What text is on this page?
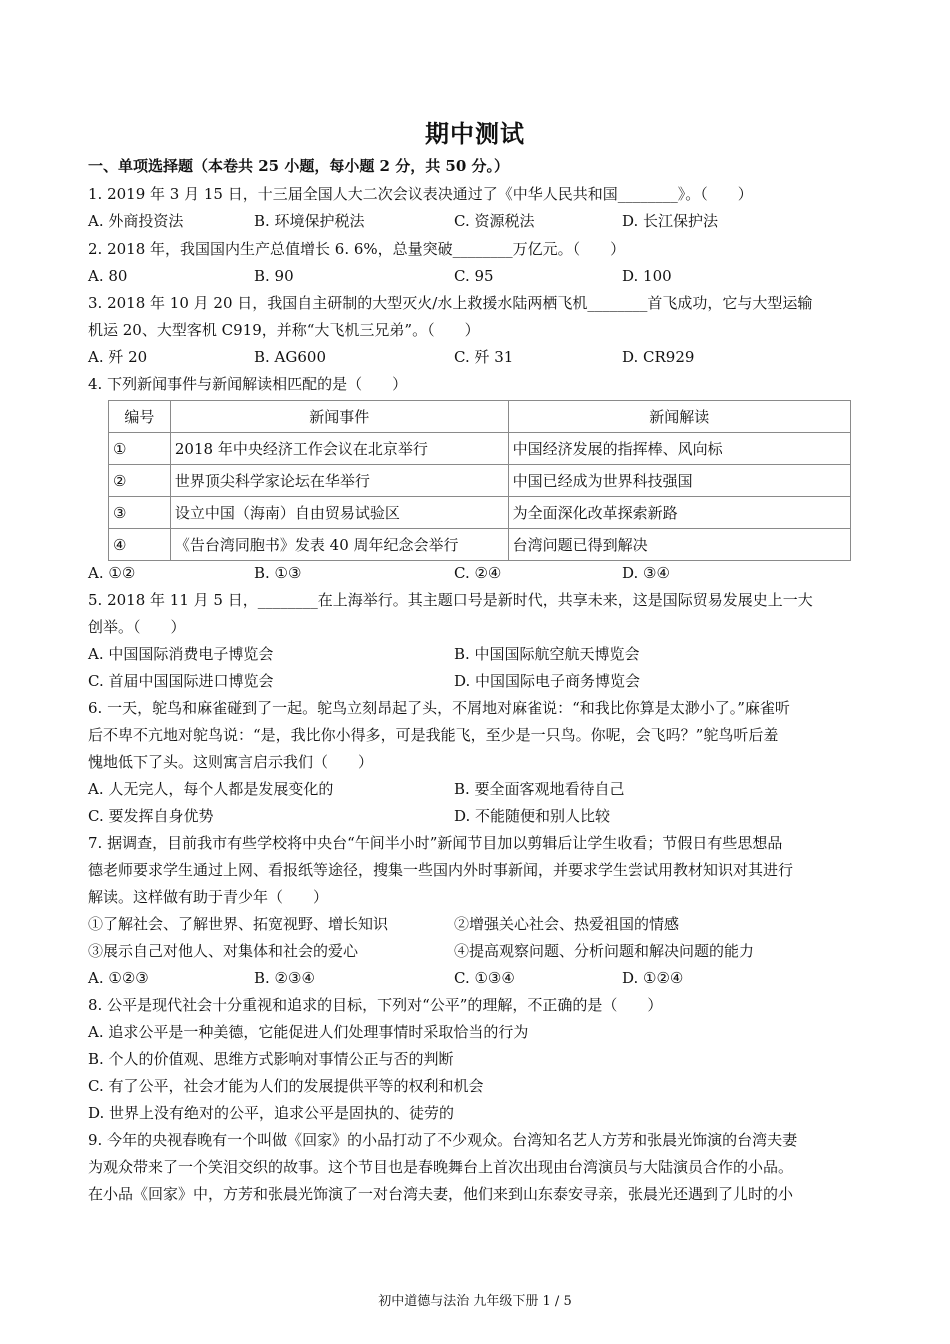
期中测试
一、单项选择题（本卷共 25 小题，每小题 2 分，共 50 分。）
1. 2019 年 3 月 15 日，十三届全国人大二次会议表决通过了《中华人民共和国________》。（　　）
A. 外商投资法	B. 环境保护税法	C. 资源税法	D. 长江保护法
2. 2018 年，我国国内生产总值增长 6. 6%，总量突破________万亿元。（　　）
A. 80	B. 90	C. 95	D. 100
3. 2018 年 10 月 20 日，我国自主研制的大型灭火/水上救援水陆两栖飞机________首飞成功，它与大型运输
机运 20、大型客机 C919，并称“大飞机三兄弟”。（　　）
A. 歼 20	B. AG600	C. 歼 31	D. CR929
4. 下列新闻事件与新闻解读相匹配的是（　　）
编号	新闻事件	新闻解读
①	2018 年中央经济工作会议在北京举行	中国经济发展的指挥棒、风向标
②	世界顶尖科学家论坛在华举行	中国已经成为世界科技强国
③	设立中国（海南）自由贸易试验区	为全面深化改革探索新路
④	《告台湾同胞书》发表 40 周年纪念会举行	台湾问题已得到解决
A. ①②	B. ①③	C. ②④	D. ③④
5. 2018 年 11 月 5 日，________在上海举行。其主题口号是新时代，共享未来，这是国际贸易发展史上一大
创举。（　　）
A. 中国国际消费电子博览会	B. 中国国际航空航天博览会
C. 首届中国国际进口博览会	D. 中国国际电子商务博览会
6. 一天，鸵鸟和麻雀碰到了一起。鸵鸟立刻昂起了头，不屑地对麻雀说：“和我比你算是太渺小了。”麻雀听
后不卑不亢地对鸵鸟说：“是，我比你小得多，可是我能飞，至少是一只鸟。你呢，会飞吗？”鸵鸟听后羞
愧地低下了头。这则寓言启示我们（　　）
A. 人无完人，每个人都是发展变化的	B. 要全面客观地看待自己
C. 要发挥自身优势	D. 不能随便和别人比较
7. 据调查，目前我市有些学校将中央台“午间半小时”新闻节目加以剪辑后让学生收看；节假日有些思想品
德老师要求学生通过上网、看报纸等途径，搜集一些国内外时事新闻，并要求学生尝试用教材知识对其进行
解读。这样做有助于青少年（　　）
①了解社会、了解世界、拓宽视野、增长知识	②增强关心社会、热爱祖国的情感
③展示自己对他人、对集体和社会的爱心	④提高观察问题、分析问题和解决问题的能力
A. ①②③	B. ②③④	C. ①③④	D. ①②④
8. 公平是现代社会十分重视和追求的目标，下列对“公平”的理解，不正确的是（　　）
A. 追求公平是一种美德，它能促进人们处理事情时采取恰当的行为
B. 个人的价值观、思维方式影响对事情公正与否的判断
C. 有了公平，社会才能为人们的发展提供平等的权利和机会
D. 世界上没有绝对的公平，追求公平是固执的、徒劳的
9. 今年的央视春晚有一个叫做《回家》的小品打动了不少观众。台湾知名艺人方芳和张晨光饰演的台湾夫妻
为观众带来了一个笑泪交织的故事。这个节目也是春晚舞台上首次出现由台湾演员与大陆演员合作的小品。
在小品《回家》中，方芳和张晨光饰演了一对台湾夫妻，他们来到山东泰安寻亲，张晨光还遇到了儿时的小
初中道德与法治 九年级下册 1 / 5
